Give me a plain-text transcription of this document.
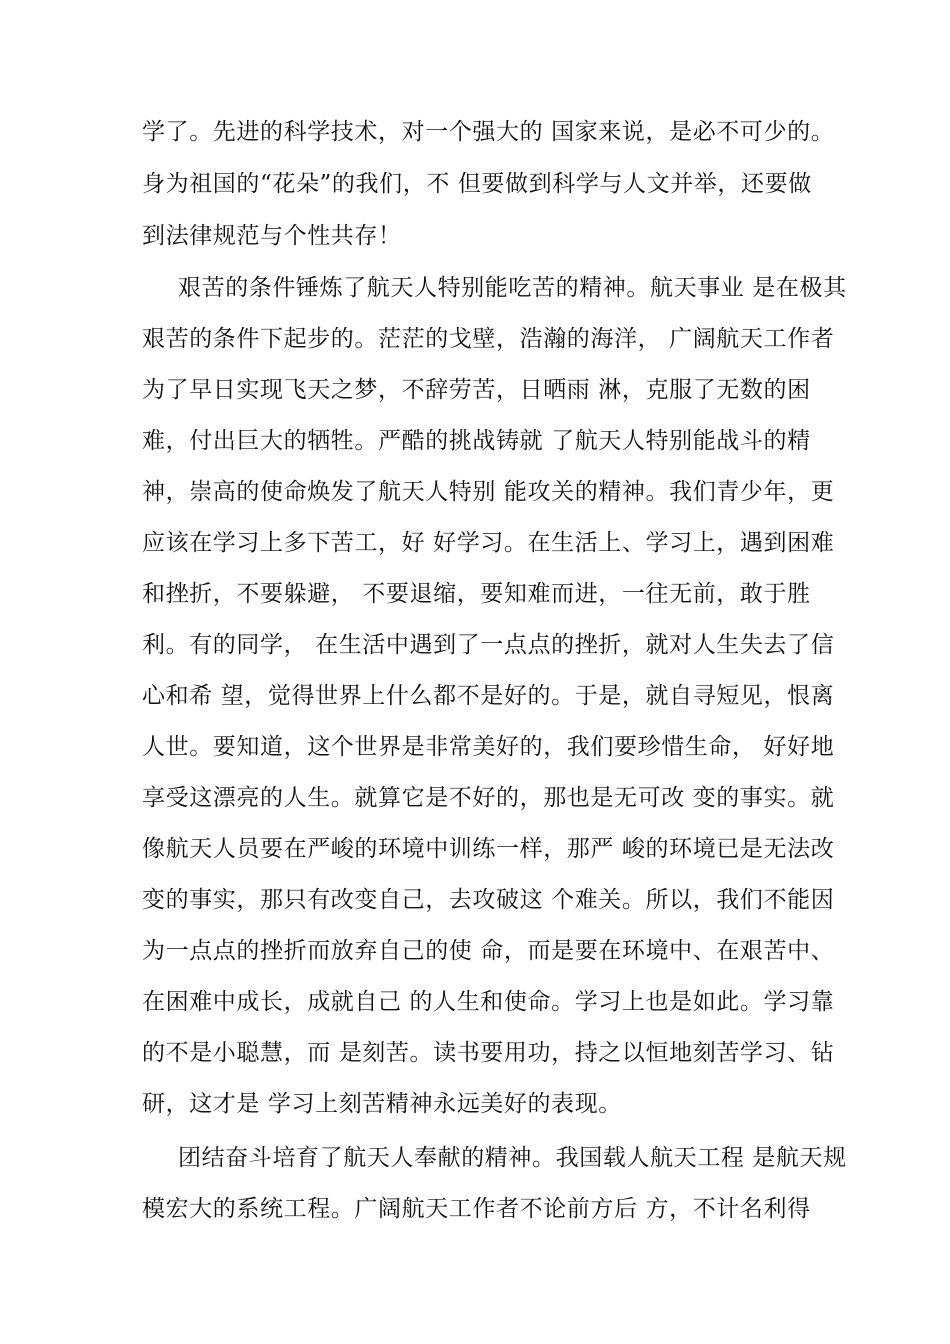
学了。先进的科学技术，对一个强大的 国家来说，是必不可少的。
身为祖国的“花朵”的我们，不 但要做到科学与人文并举，还要做
到法律规范与个性共存！
艰苦的条件锤炼了航天人特别能吃苦的精神。航天事业 是在极其
艰苦的条件下起步的。茫茫的戈壁，浩瀚的海洋， 广阔航天工作者
为了早日实现飞天之梦，不辞劳苦，日晒雨 淋，克服了无数的困
难，付出巨大的牺牲。严酷的挑战铸就 了航天人特别能战斗的精
神，崇高的使命焕发了航天人特别 能攻关的精神。我们青少年，更
应该在学习上多下苦工，好 好学习。在生活上、学习上，遇到困难
和挫折，不要躲避， 不要退缩，要知难而进，一往无前，敢于胜
利。有的同学， 在生活中遇到了一点点的挫折，就对人生失去了信
心和希 望，觉得世界上什么都不是好的。于是，就自寻短见，恨离
人世。要知道，这个世界是非常美好的，我们要珍惜生命， 好好地
享受这漂亮的人生。就算它是不好的，那也是无可改 变的事实。就
像航天人员要在严峻的环境中训练一样，那严 峻的环境已是无法改
变的事实，那只有改变自己，去攻破这 个难关。所以，我们不能因
为一点点的挫折而放弃自己的使 命，而是要在环境中、在艰苦中、
在困难中成长，成就自己 的人生和使命。学习上也是如此。学习靠
的不是小聪慧，而 是刻苦。读书要用功，持之以恒地刻苦学习、钻
研，这才是 学习上刻苦精神永远美好的表现。
团结奋斗培育了航天人奉献的精神。我国载人航天工程 是航天规
模宏大的系统工程。广阔航天工作者不论前方后 方，不计名利得
